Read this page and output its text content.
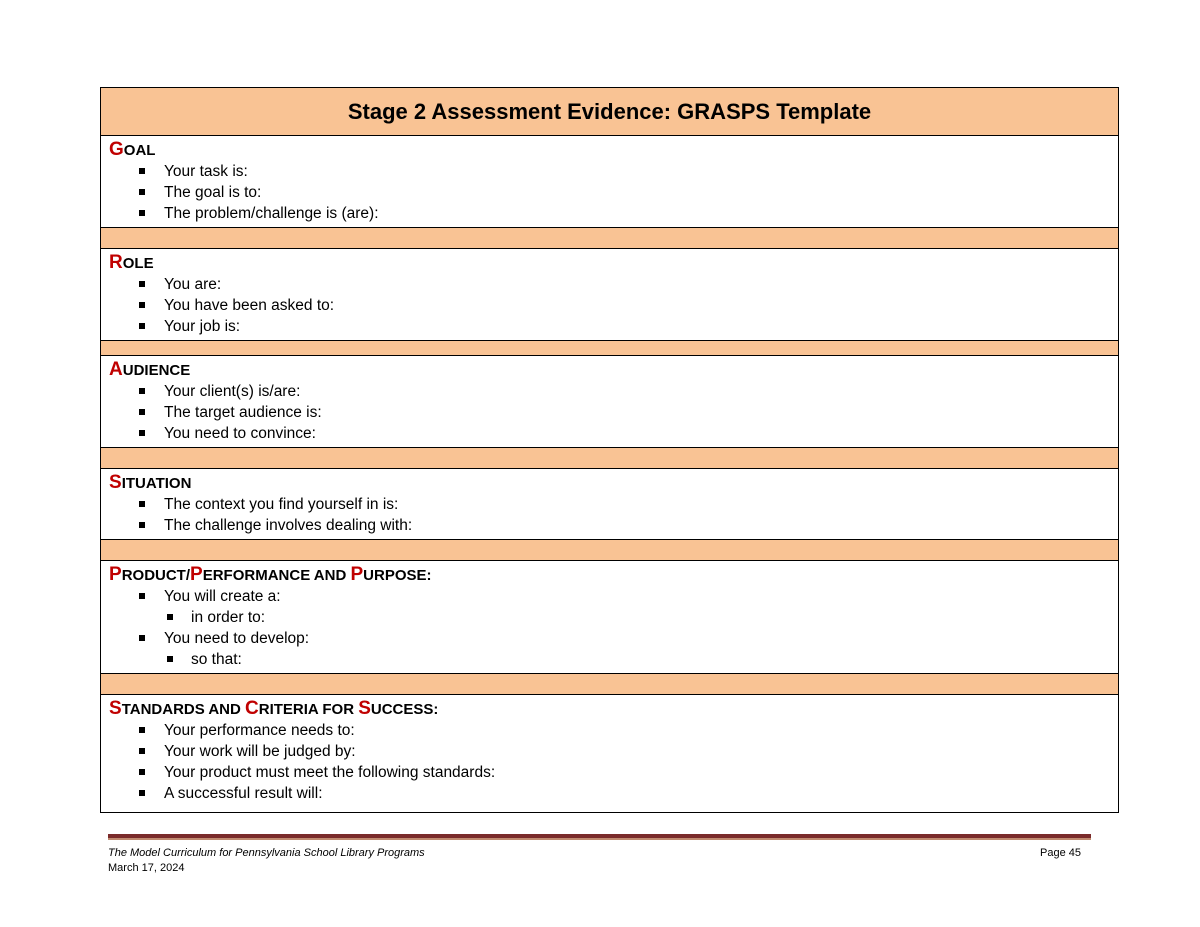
Stage 2 Assessment Evidence: GRASPS Template

GOAL
Your task is:
The goal is to:
The problem/challenge is (are):

ROLE
You are:
You have been asked to:
Your job is:

AUDIENCE
Your client(s) is/are:
The target audience is:
You need to convince:

SITUATION
The context you find yourself in is:
The challenge involves dealing with:

PRODUCT/PERFORMANCE AND PURPOSE:
You will create a:
in order to:
You need to develop:
so that:

STANDARDS AND CRITERIA FOR SUCCESS:
Your performance needs to:
Your work will be judged by:
Your product must meet the following standards:
A successful result will:
The Model Curriculum for Pennsylvania School Library Programs
March 17, 2024
Page 45
